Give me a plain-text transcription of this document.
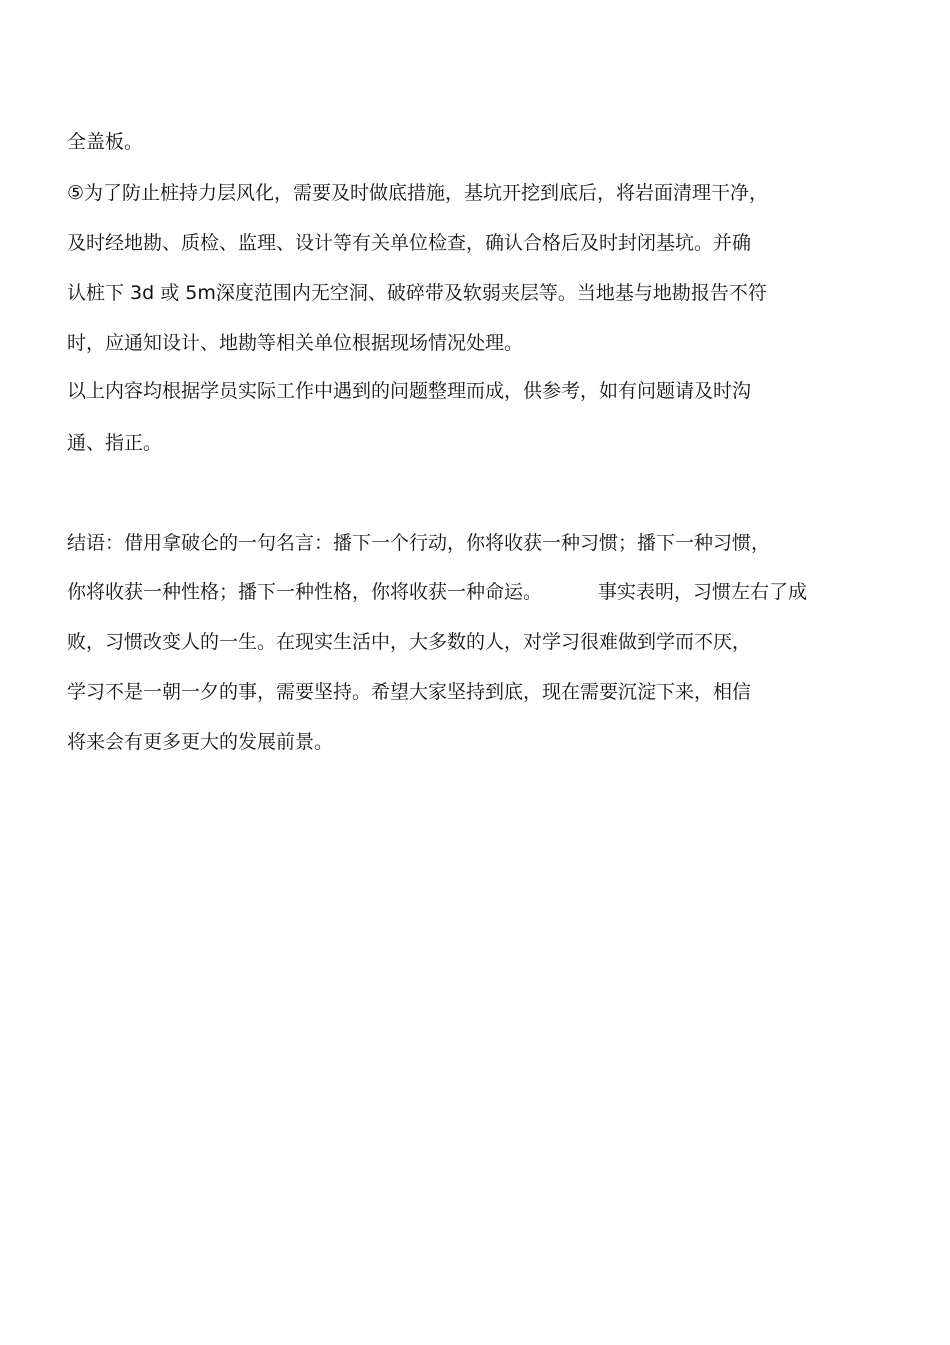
全盖板。
⑤为了防止桩持力层风化，需要及时做底措施，基坑开挖到底后，将岩面清理干净，
及时经地勘、质检、监理、设计等有关单位检查，确认合格后及时封闭基坑。并确
认桩下 3d 或 5m深度范围内无空洞、破碎带及软弱夹层等。当地基与地勘报告不符
时，应通知设计、地勘等相关单位根据现场情况处理。
以上内容均根据学员实际工作中遇到的问题整理而成，供参考，如有问题请及时沟
通、指正。
结语：借用拿破仑的一句名言：播下一个行动，你将收获一种习惯；播下一种习惯，
你将收获一种性格；播下一种性格，你将收获一种命运。	事实表明，习惯左右了成
败，习惯改变人的一生。在现实生活中，大多数的人，对学习很难做到学而不厌，
学习不是一朝一夕的事，需要坚持。希望大家坚持到底，现在需要沉淀下来，相信
将来会有更多更大的发展前景。
